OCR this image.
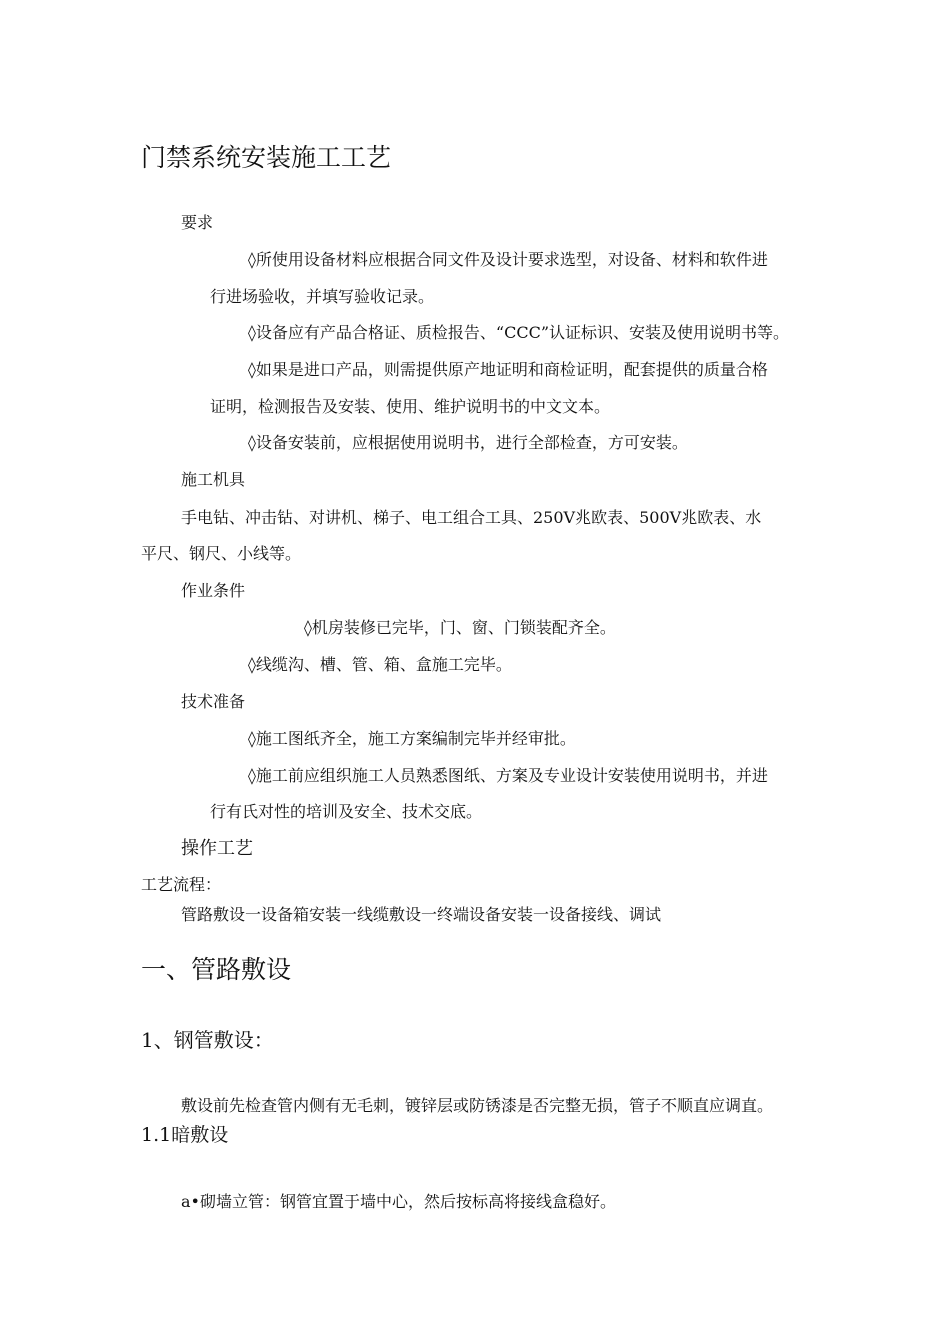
门禁系统安装施工工艺
要求
◊所使用设备材料应根据合同文件及设计要求选型，对设备、材料和软件进
行进场验收，并填写验收记录。
◊设备应有产品合格证、质检报告、“CCC”认证标识、安装及使用说明书等。
◊如果是进口产品，则需提供原产地证明和商检证明，配套提供的质量合格
证明，检测报告及安装、使用、维护说明书的中文文本。
◊设备安装前，应根据使用说明书，进行全部检查，方可安装。
施工机具
手电钻、冲击钻、对讲机、梯子、电工组合工具、250V兆欧表、500V兆欧表、水
平尺、钢尺、小线等。
作业条件
◊机房装修已完毕，门、窗、门锁装配齐全。
◊线缆沟、槽、管、箱、盒施工完毕。
技术准备
◊施工图纸齐全，施工方案编制完毕并经审批。
◊施工前应组织施工人员熟悉图纸、方案及专业设计安装使用说明书，并进
行有氏对性的培训及安全、技术交底。
操作工艺
工艺流程：
管路敷设一设备箱安装一线缆敷设一终端设备安装一设备接线、调试
一、管路敷设
1、钢管敷设：
敷设前先检查管内侧有无毛刺，镀锌层或防锈漆是否完整无损，管子不顺直应调直。
1.1暗敷设
a•砌墙立管：钢管宜置于墙中心，然后按标高将接线盒稳好。
